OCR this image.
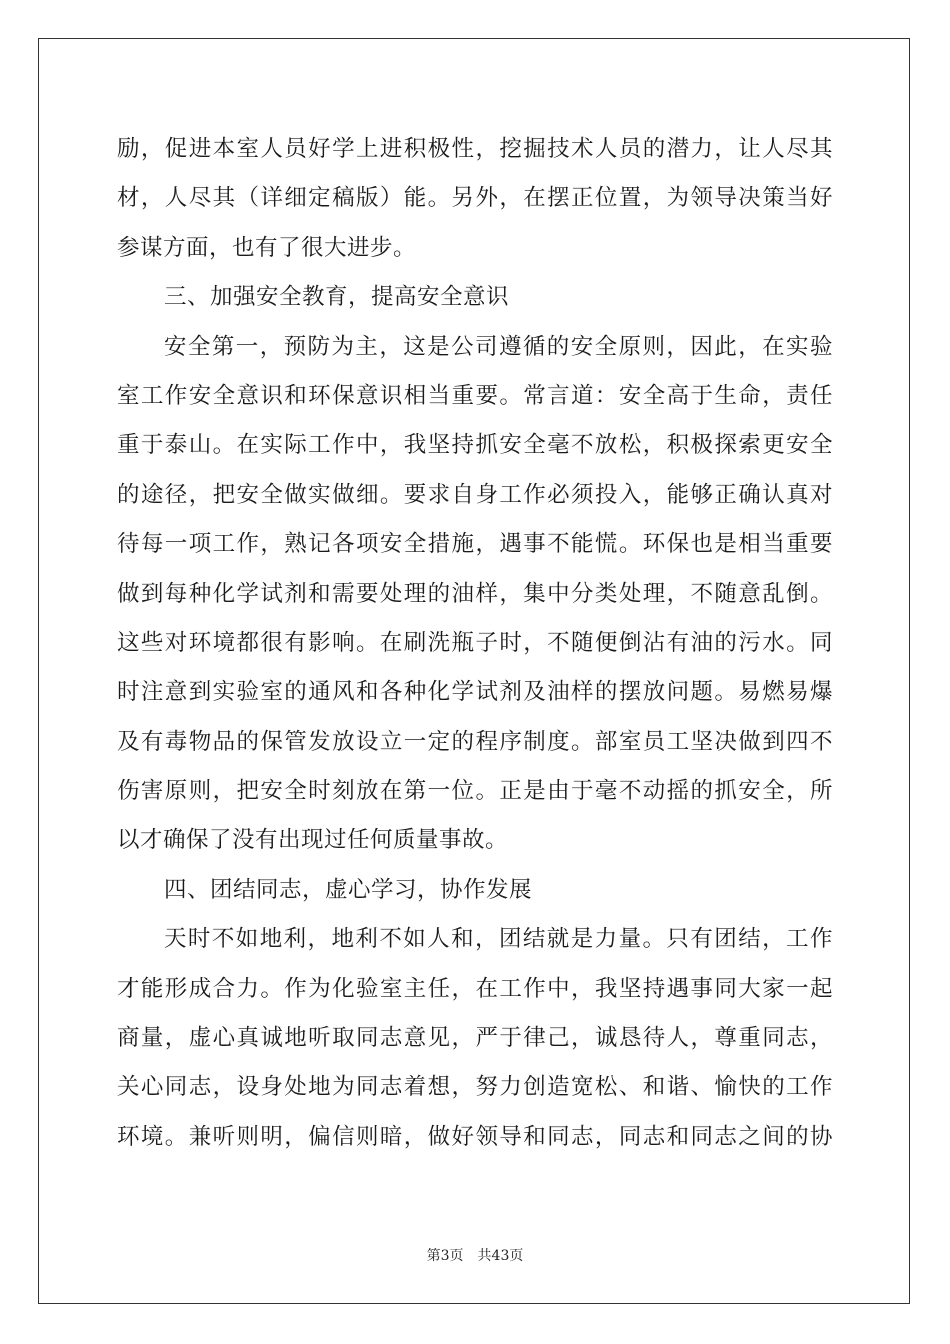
励，促进本室人员好学上进积极性，挖掘技术人员的潜力，让人尽其
材，人尽其（详细定稿版）能。另外，在摆正位置，为领导决策当好
参谋方面，也有了很大进步。
三、加强安全教育，提高安全意识
安全第一，预防为主，这是公司遵循的安全原则，因此，在实验
室工作安全意识和环保意识相当重要。常言道：安全高于生命，责任
重于泰山。在实际工作中，我坚持抓安全毫不放松，积极探索更安全
的途径，把安全做实做细。要求自身工作必须投入，能够正确认真对
待每一项工作，熟记各项安全措施，遇事不能慌。环保也是相当重要
做到每种化学试剂和需要处理的油样，集中分类处理，不随意乱倒。
这些对环境都很有影响。在刷洗瓶子时，不随便倒沾有油的污水。同
时注意到实验室的通风和各种化学试剂及油样的摆放问题。易燃易爆
及有毒物品的保管发放设立一定的程序制度。部室员工坚决做到四不
伤害原则，把安全时刻放在第一位。正是由于毫不动摇的抓安全，所
以才确保了没有出现过任何质量事故。
四、团结同志，虚心学习，协作发展
天时不如地利，地利不如人和，团结就是力量。只有团结，工作
才能形成合力。作为化验室主任，在工作中，我坚持遇事同大家一起
商量，虚心真诚地听取同志意见，严于律己，诚恳待人，尊重同志，
关心同志，设身处地为同志着想，努力创造宽松、和谐、愉快的工作
环境。兼听则明，偏信则暗，做好领导和同志，同志和同志之间的协
第3页 共43页
